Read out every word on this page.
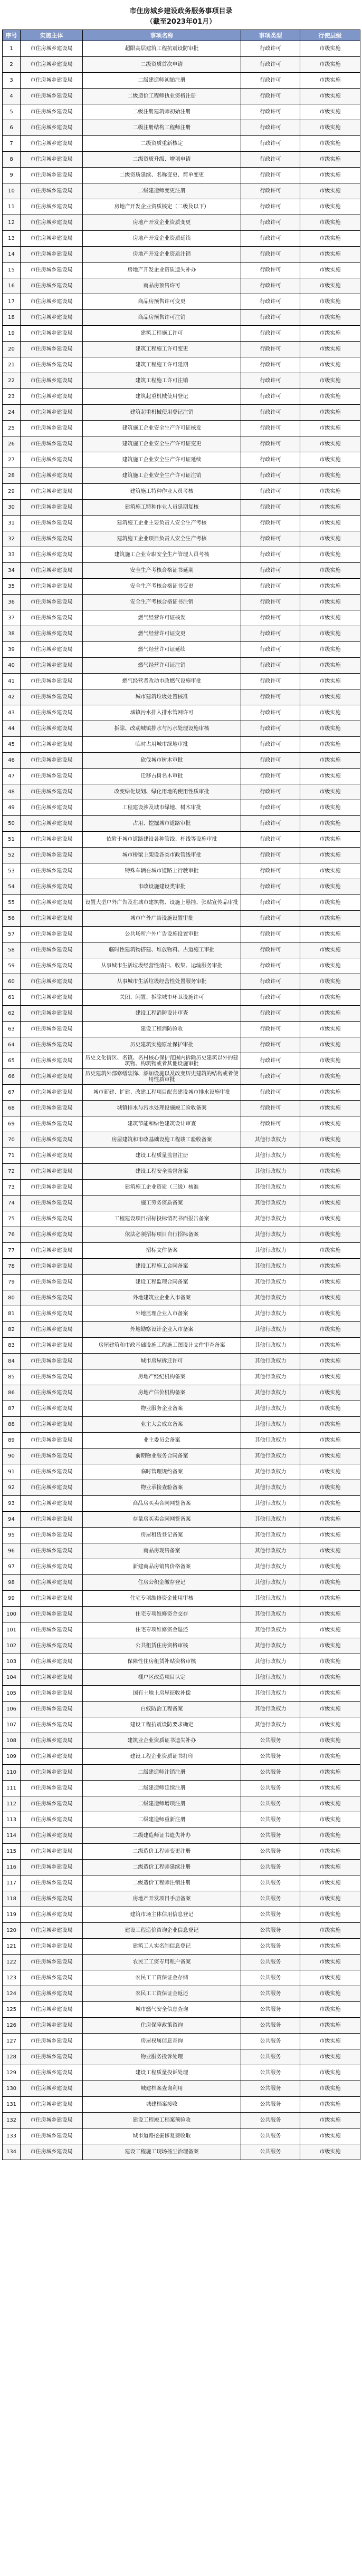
市住房城乡建设政务服务事项目录
（截至2023年01月）
序号	实施主体	事项名称	事项类型	行使层级
1	市住房城乡建设局	超限高层建筑工程抗震设防审批	行政许可	市级实施
2	市住房城乡建设局	二级资质首次申请	行政许可	市级实施
3	市住房城乡建设局	二级建造师初始注册	行政许可	市级实施
4	市住房城乡建设局	二级造价工程师执业资格注册	行政许可	市级实施
5	市住房城乡建设局	二级注册建筑师初始注册	行政许可	市级实施
6	市住房城乡建设局	二级注册结构工程师注册	行政许可	市级实施
7	市住房城乡建设局	二级资质重新核定	行政许可	市级实施
8	市住房城乡建设局	二级资质升级、增项申请	行政许可	市级实施
9	市住房城乡建设局	二级资质延续、名称变更、简单变更	行政许可	市级实施
10	市住房城乡建设局	二级建造师变更注册	行政许可	市级实施
11	市住房城乡建设局	房地产开发企业资质核定（二级及以下）	行政许可	市级实施
12	市住房城乡建设局	房地产开发企业资质变更	行政许可	市级实施
13	市住房城乡建设局	房地产开发企业资质延续	行政许可	市级实施
14	市住房城乡建设局	房地产开发企业资质注销	行政许可	市级实施
15	市住房城乡建设局	房地产开发企业资质遗失补办	行政许可	市级实施
16	市住房城乡建设局	商品房预售许可	行政许可	市级实施
17	市住房城乡建设局	商品房预售许可变更	行政许可	市级实施
18	市住房城乡建设局	商品房预售许可注销	行政许可	市级实施
19	市住房城乡建设局	建筑工程施工许可	行政许可	市级实施
20	市住房城乡建设局	建筑工程施工许可变更	行政许可	市级实施
21	市住房城乡建设局	建筑工程施工许可延期	行政许可	市级实施
22	市住房城乡建设局	建筑工程施工许可注销	行政许可	市级实施
23	市住房城乡建设局	建筑起重机械使用登记	行政许可	市级实施
24	市住房城乡建设局	建筑起重机械使用登记注销	行政许可	市级实施
25	市住房城乡建设局	建筑施工企业安全生产许可证核发	行政许可	市级实施
26	市住房城乡建设局	建筑施工企业安全生产许可证变更	行政许可	市级实施
27	市住房城乡建设局	建筑施工企业安全生产许可证延续	行政许可	市级实施
28	市住房城乡建设局	建筑施工企业安全生产许可证注销	行政许可	市级实施
29	市住房城乡建设局	建筑施工特种作业人员考核	行政许可	市级实施
30	市住房城乡建设局	建筑施工特种作业人员延期复核	行政许可	市级实施
31	市住房城乡建设局	建筑施工企业主要负责人安全生产考核	行政许可	市级实施
32	市住房城乡建设局	建筑施工企业项目负责人安全生产考核	行政许可	市级实施
33	市住房城乡建设局	建筑施工企业专职安全生产管理人员考核	行政许可	市级实施
34	市住房城乡建设局	安全生产考核合格证书延期	行政许可	市级实施
35	市住房城乡建设局	安全生产考核合格证书变更	行政许可	市级实施
36	市住房城乡建设局	安全生产考核合格证书注销	行政许可	市级实施
37	市住房城乡建设局	燃气经营许可证核发	行政许可	市级实施
38	市住房城乡建设局	燃气经营许可证变更	行政许可	市级实施
39	市住房城乡建设局	燃气经营许可证延续	行政许可	市级实施
40	市住房城乡建设局	燃气经营许可证注销	行政许可	市级实施
41	市住房城乡建设局	燃气经营者改动市政燃气设施审批	行政许可	市级实施
42	市住房城乡建设局	城市建筑垃圾处置核准	行政许可	市级实施
43	市住房城乡建设局	城镇污水排入排水管网许可	行政许可	市级实施
44	市住房城乡建设局	拆除、改动城镇排水与污水处理设施审核	行政许可	市级实施
45	市住房城乡建设局	临时占用城市绿地审批	行政许可	市级实施
46	市住房城乡建设局	砍伐城市树木审批	行政许可	市级实施
47	市住房城乡建设局	迁移古树名木审批	行政许可	市级实施
48	市住房城乡建设局	改变绿化规划、绿化用地的使用性质审批	行政许可	市级实施
49	市住房城乡建设局	工程建设涉及城市绿地、树木审批	行政许可	市级实施
50	市住房城乡建设局	占用、挖掘城市道路审批	行政许可	市级实施
51	市住房城乡建设局	依附于城市道路建设各种管线、杆线等设施审批	行政许可	市级实施
52	市住房城乡建设局	城市桥梁上架设各类市政管线审批	行政许可	市级实施
53	市住房城乡建设局	特殊车辆在城市道路上行驶审批	行政许可	市级实施
54	市住房城乡建设局	市政设施建设类审批	行政许可	市级实施
55	市住房城乡建设局	设置大型户外广告及在城市建筑物、设施上悬挂、张贴宣传品审批	行政许可	市级实施
56	市住房城乡建设局	城市户外广告设施设置审批	行政许可	市级实施
57	市住房城乡建设局	公共场所户外广告设施设置审批	行政许可	市级实施
58	市住房城乡建设局	临时性建筑物搭建、堆放物料、占道施工审批	行政许可	市级实施
59	市住房城乡建设局	从事城市生活垃圾经营性清扫、收集、运输服务审批	行政许可	市级实施
60	市住房城乡建设局	从事城市生活垃圾经营性处置服务审批	行政许可	市级实施
61	市住房城乡建设局	关闭、闲置、拆除城市环卫设施许可	行政许可	市级实施
62	市住房城乡建设局	建设工程消防设计审查	行政许可	市级实施
63	市住房城乡建设局	建设工程消防验收	行政许可	市级实施
64	市住房城乡建设局	历史建筑实施原址保护审批	行政许可	市级实施
65	市住房城乡建设局	历史文化街区、名镇、名村核心保护范围内拆除历史建筑以外的建筑物、构筑物或者其他设施审批	行政许可	市级实施
66	市住房城乡建设局	历史建筑外部修缮装饰、添加设施以及改变历史建筑的结构或者使用性质审批	行政许可	市级实施
67	市住房城乡建设局	城市新建、扩建、改建工程项目配套建设城市排水设施审批	行政许可	市级实施
68	市住房城乡建设局	城镇排水与污水处理设施竣工验收备案	行政许可	市级实施
69	市住房城乡建设局	建筑节能和绿色建筑设计审查	行政许可	市级实施
70	市住房城乡建设局	房屋建筑和市政基础设施工程竣工验收备案	其他行政权力	市级实施
71	市住房城乡建设局	建设工程质量监督注册	其他行政权力	市级实施
72	市住房城乡建设局	建设工程安全监督备案	其他行政权力	市级实施
73	市住房城乡建设局	建筑施工企业资质（三级）核准	其他行政权力	市级实施
74	市住房城乡建设局	施工劳务资质备案	其他行政权力	市级实施
75	市住房城乡建设局	工程建设项目招标投标情况书面报告备案	其他行政权力	市级实施
76	市住房城乡建设局	依法必须招标项目自行招标备案	其他行政权力	市级实施
77	市住房城乡建设局	招标文件备案	其他行政权力	市级实施
78	市住房城乡建设局	建设工程施工合同备案	其他行政权力	市级实施
79	市住房城乡建设局	建设工程监理合同备案	其他行政权力	市级实施
80	市住房城乡建设局	外地建筑业企业入市备案	其他行政权力	市级实施
81	市住房城乡建设局	外地监理企业入市备案	其他行政权力	市级实施
82	市住房城乡建设局	外地勘察设计企业入市备案	其他行政权力	市级实施
83	市住房城乡建设局	房屋建筑和市政基础设施工程施工图设计文件审查备案	其他行政权力	市级实施
84	市住房城乡建设局	城市房屋拆迁许可	其他行政权力	市级实施
85	市住房城乡建设局	房地产经纪机构备案	其他行政权力	市级实施
86	市住房城乡建设局	房地产估价机构备案	其他行政权力	市级实施
87	市住房城乡建设局	物业服务企业备案	其他行政权力	市级实施
88	市住房城乡建设局	业主大会成立备案	其他行政权力	市级实施
89	市住房城乡建设局	业主委员会备案	其他行政权力	市级实施
90	市住房城乡建设局	前期物业服务合同备案	其他行政权力	市级实施
91	市住房城乡建设局	临时管理规约备案	其他行政权力	市级实施
92	市住房城乡建设局	物业承接查验备案	其他行政权力	市级实施
93	市住房城乡建设局	商品房买卖合同网签备案	其他行政权力	市级实施
94	市住房城乡建设局	存量房买卖合同网签备案	其他行政权力	市级实施
95	市住房城乡建设局	房屋租赁登记备案	其他行政权力	市级实施
96	市住房城乡建设局	商品房现售备案	其他行政权力	市级实施
97	市住房城乡建设局	新建商品房销售价格备案	其他行政权力	市级实施
98	市住房城乡建设局	住房公积金缴存登记	其他行政权力	市级实施
99	市住房城乡建设局	住宅专项维修资金使用审核	其他行政权力	市级实施
100	市住房城乡建设局	住宅专项维修资金交存	其他行政权力	市级实施
101	市住房城乡建设局	住宅专项维修资金退还	其他行政权力	市级实施
102	市住房城乡建设局	公共租赁住房资格审核	其他行政权力	市级实施
103	市住房城乡建设局	保障性住房租赁补贴资格审核	其他行政权力	市级实施
104	市住房城乡建设局	棚户区改造项目认定	其他行政权力	市级实施
105	市住房城乡建设局	国有土地上房屋征收补偿	其他行政权力	市级实施
106	市住房城乡建设局	白蚁防治工程备案	其他行政权力	市级实施
107	市住房城乡建设局	建设工程抗震设防要求确定	其他行政权力	市级实施
108	市住房城乡建设局	建筑业企业资质证书遗失补办	公共服务	市级实施
109	市住房城乡建设局	建设工程企业资质证书打印	公共服务	市级实施
110	市住房城乡建设局	二级建造师注销注册	公共服务	市级实施
111	市住房城乡建设局	二级建造师延续注册	公共服务	市级实施
112	市住房城乡建设局	二级建造师增项注册	公共服务	市级实施
113	市住房城乡建设局	二级建造师重新注册	公共服务	市级实施
114	市住房城乡建设局	二级建造师证书遗失补办	公共服务	市级实施
115	市住房城乡建设局	二级造价工程师变更注册	公共服务	市级实施
116	市住房城乡建设局	二级造价工程师延续注册	公共服务	市级实施
117	市住房城乡建设局	二级造价工程师注销注册	公共服务	市级实施
118	市住房城乡建设局	房地产开发项目手册备案	公共服务	市级实施
119	市住房城乡建设局	建筑市场主体信用信息登记	公共服务	市级实施
120	市住房城乡建设局	建设工程造价咨询企业信息登记	公共服务	市级实施
121	市住房城乡建设局	建筑工人实名制信息登记	公共服务	市级实施
122	市住房城乡建设局	农民工工资专用账户备案	公共服务	市级实施
123	市住房城乡建设局	农民工工资保证金存储	公共服务	市级实施
124	市住房城乡建设局	农民工工资保证金返还	公共服务	市级实施
125	市住房城乡建设局	城市燃气安全信息查询	公共服务	市级实施
126	市住房城乡建设局	住房保障政策咨询	公共服务	市级实施
127	市住房城乡建设局	房屋权属信息查询	公共服务	市级实施
128	市住房城乡建设局	物业服务投诉处理	公共服务	市级实施
129	市住房城乡建设局	建设工程质量投诉处理	公共服务	市级实施
130	市住房城乡建设局	城建档案查询利用	公共服务	市级实施
131	市住房城乡建设局	城建档案接收	公共服务	市级实施
132	市住房城乡建设局	建设工程竣工档案预验收	公共服务	市级实施
133	市住房城乡建设局	城市道路挖掘修复费收取	公共服务	市级实施
134	市住房城乡建设局	建设工程施工现场扬尘治理备案	公共服务	市级实施
